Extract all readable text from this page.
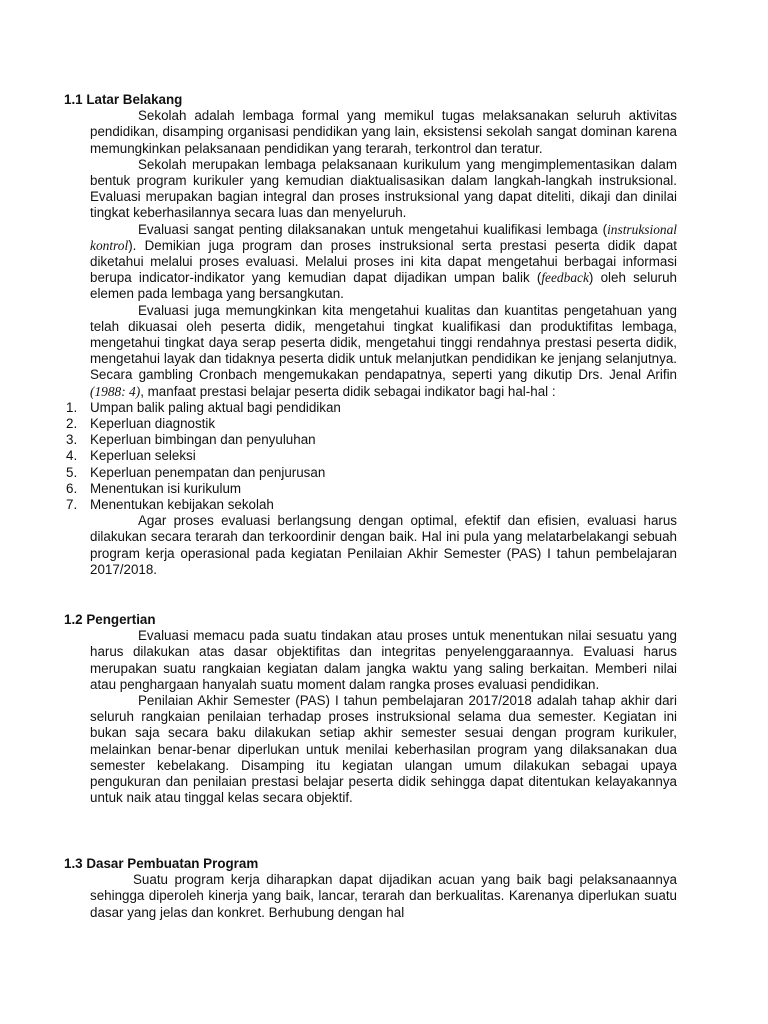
1.1 Latar Belakang

Sekolah adalah lembaga formal yang memikul tugas melaksanakan seluruh aktivitas pendidikan, disamping organisasi pendidikan yang lain, eksistensi sekolah sangat dominan karena memungkinkan pelaksanaan pendidikan yang terarah, terkontrol dan teratur.

Sekolah merupakan lembaga pelaksanaan kurikulum yang mengimplementasikan dalam bentuk program kurikuler yang kemudian diaktualisasikan dalam langkah-langkah instruksional. Evaluasi merupakan bagian integral dan proses instruksional yang dapat diteliti, dikaji dan dinilai tingkat keberhasilannya secara luas dan menyeluruh.

Evaluasi sangat penting dilaksanakan untuk mengetahui kualifikasi lembaga (instruksional kontrol). Demikian juga program dan proses instruksional serta prestasi peserta didik dapat diketahui melalui proses evaluasi. Melalui proses ini kita dapat mengetahui berbagai informasi berupa indicator-indikator yang kemudian dapat dijadikan umpan balik (feedback) oleh seluruh elemen pada lembaga yang bersangkutan.

Evaluasi juga memungkinkan kita mengetahui kualitas dan kuantitas pengetahuan yang telah dikuasai oleh peserta didik, mengetahui tingkat kualifikasi dan produktifitas lembaga, mengetahui tingkat daya serap peserta didik, mengetahui tinggi rendahnya prestasi peserta didik, mengetahui layak dan tidaknya peserta didik untuk melanjutkan pendidikan ke jenjang selanjutnya. Secara gambling Cronbach mengemukakan pendapatnya, seperti yang dikutip Drs. Jenal Arifin (1988: 4), manfaat prestasi belajar peserta didik sebagai indikator bagi hal-hal :

1. Umpan balik paling aktual bagi pendidikan
2. Keperluan diagnostik
3. Keperluan bimbingan dan penyuluhan
4. Keperluan seleksi
5. Keperluan penempatan dan penjurusan
6. Menentukan isi kurikulum
7. Menentukan kebijakan sekolah

Agar proses evaluasi berlangsung dengan optimal, efektif dan efisien, evaluasi harus dilakukan secara terarah dan terkoordinir dengan baik. Hal ini pula yang melatarbelakangi sebuah program kerja operasional pada kegiatan Penilaian Akhir Semester (PAS) I tahun pembelajaran 2017/2018.

1.2 Pengertian

Evaluasi memacu pada suatu tindakan atau proses untuk menentukan nilai sesuatu yang harus dilakukan atas dasar objektifitas dan integritas penyelenggaraannya. Evaluasi harus merupakan suatu rangkaian kegiatan dalam jangka waktu yang saling berkaitan. Memberi nilai atau penghargaan hanyalah suatu moment dalam rangka proses evaluasi pendidikan.

Penilaian Akhir Semester (PAS) I tahun pembelajaran 2017/2018 adalah tahap akhir dari seluruh rangkaian penilaian terhadap proses instruksional selama dua semester. Kegiatan ini bukan saja secara baku dilakukan setiap akhir semester sesuai dengan program kurikuler, melainkan benar-benar diperlukan untuk menilai keberhasilan program yang dilaksanakan dua semester kebelakang. Disamping itu kegiatan ulangan umum dilakukan sebagai upaya pengukuran dan penilaian prestasi belajar peserta didik sehingga dapat ditentukan kelayakannya untuk naik atau tinggal kelas secara objektif.

1.3 Dasar Pembuatan Program

Suatu program kerja diharapkan dapat dijadikan acuan yang baik bagi pelaksanaannya sehingga diperoleh kinerja yang baik, lancar, terarah dan berkualitas. Karenanya diperlukan suatu dasar yang jelas dan konkret. Berhubung dengan hal
